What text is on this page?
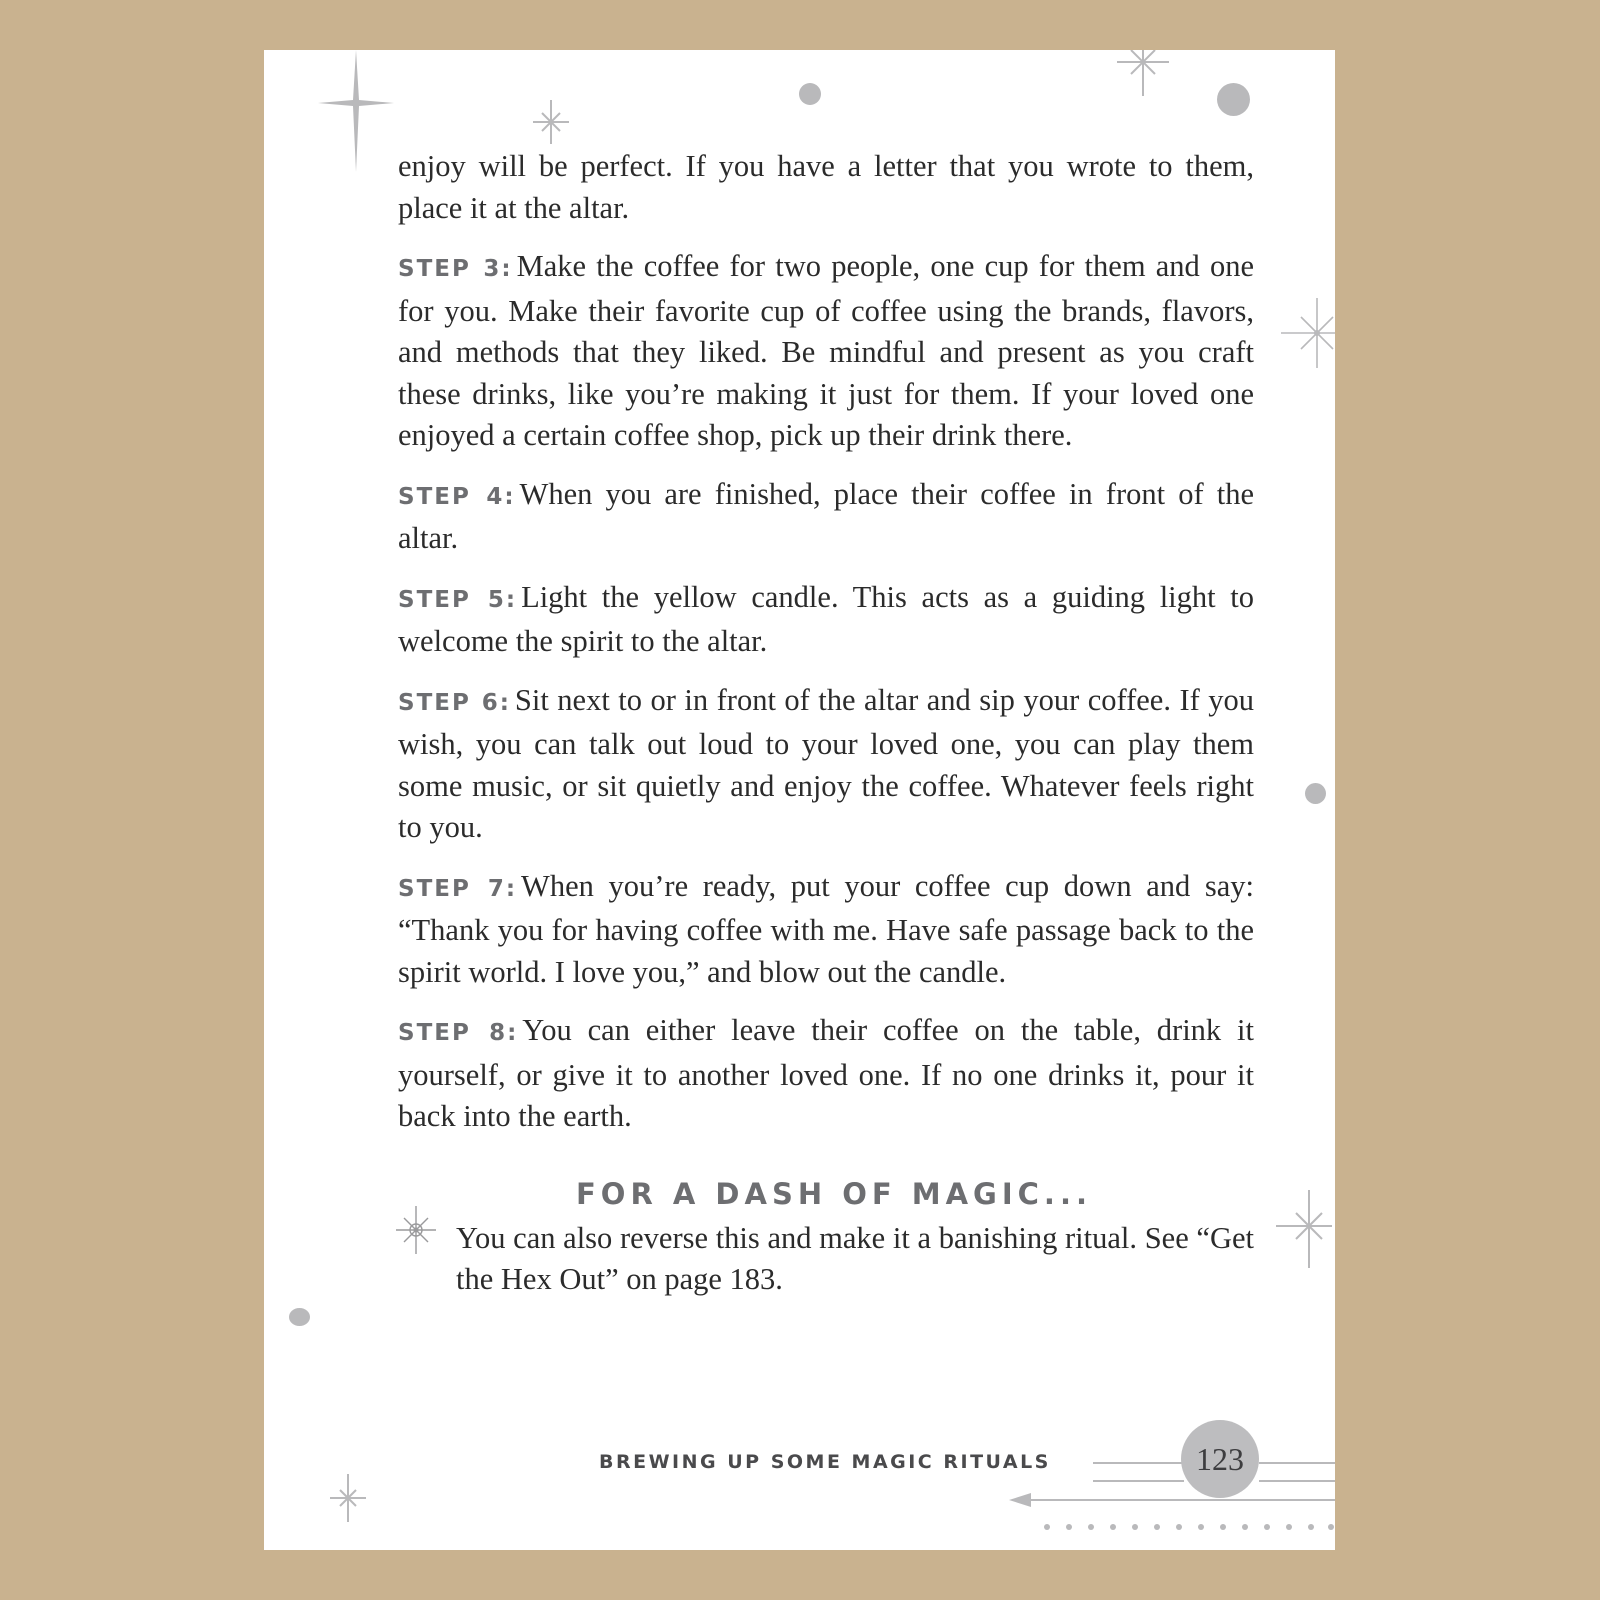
enjoy will be perfect. If you have a letter that you wrote to them, place it at the altar.

STEP 3: Make the coffee for two people, one cup for them and one for you. Make their favorite cup of coffee using the brands, flavors, and methods that they liked. Be mindful and present as you craft these drinks, like you’re making it just for them. If your loved one enjoyed a certain coffee shop, pick up their drink there.

STEP 4: When you are finished, place their coffee in front of the altar.

STEP 5: Light the yellow candle. This acts as a guiding light to welcome the spirit to the altar.

STEP 6: Sit next to or in front of the altar and sip your coffee. If you wish, you can talk out loud to your loved one, you can play them some music, or sit quietly and enjoy the coffee. Whatever feels right to you.

STEP 7: When you’re ready, put your coffee cup down and say: “Thank you for having coffee with me. Have safe passage back to the spirit world. I love you,” and blow out the candle.

STEP 8: You can either leave their coffee on the table, drink it yourself, or give it to another loved one. If no one drinks it, pour it back into the earth.

FOR A DASH OF MAGIC...

You can also reverse this and make it a banishing ritual. See “Get the Hex Out” on page 183.

BREWING UP SOME MAGIC RITUALS	123
